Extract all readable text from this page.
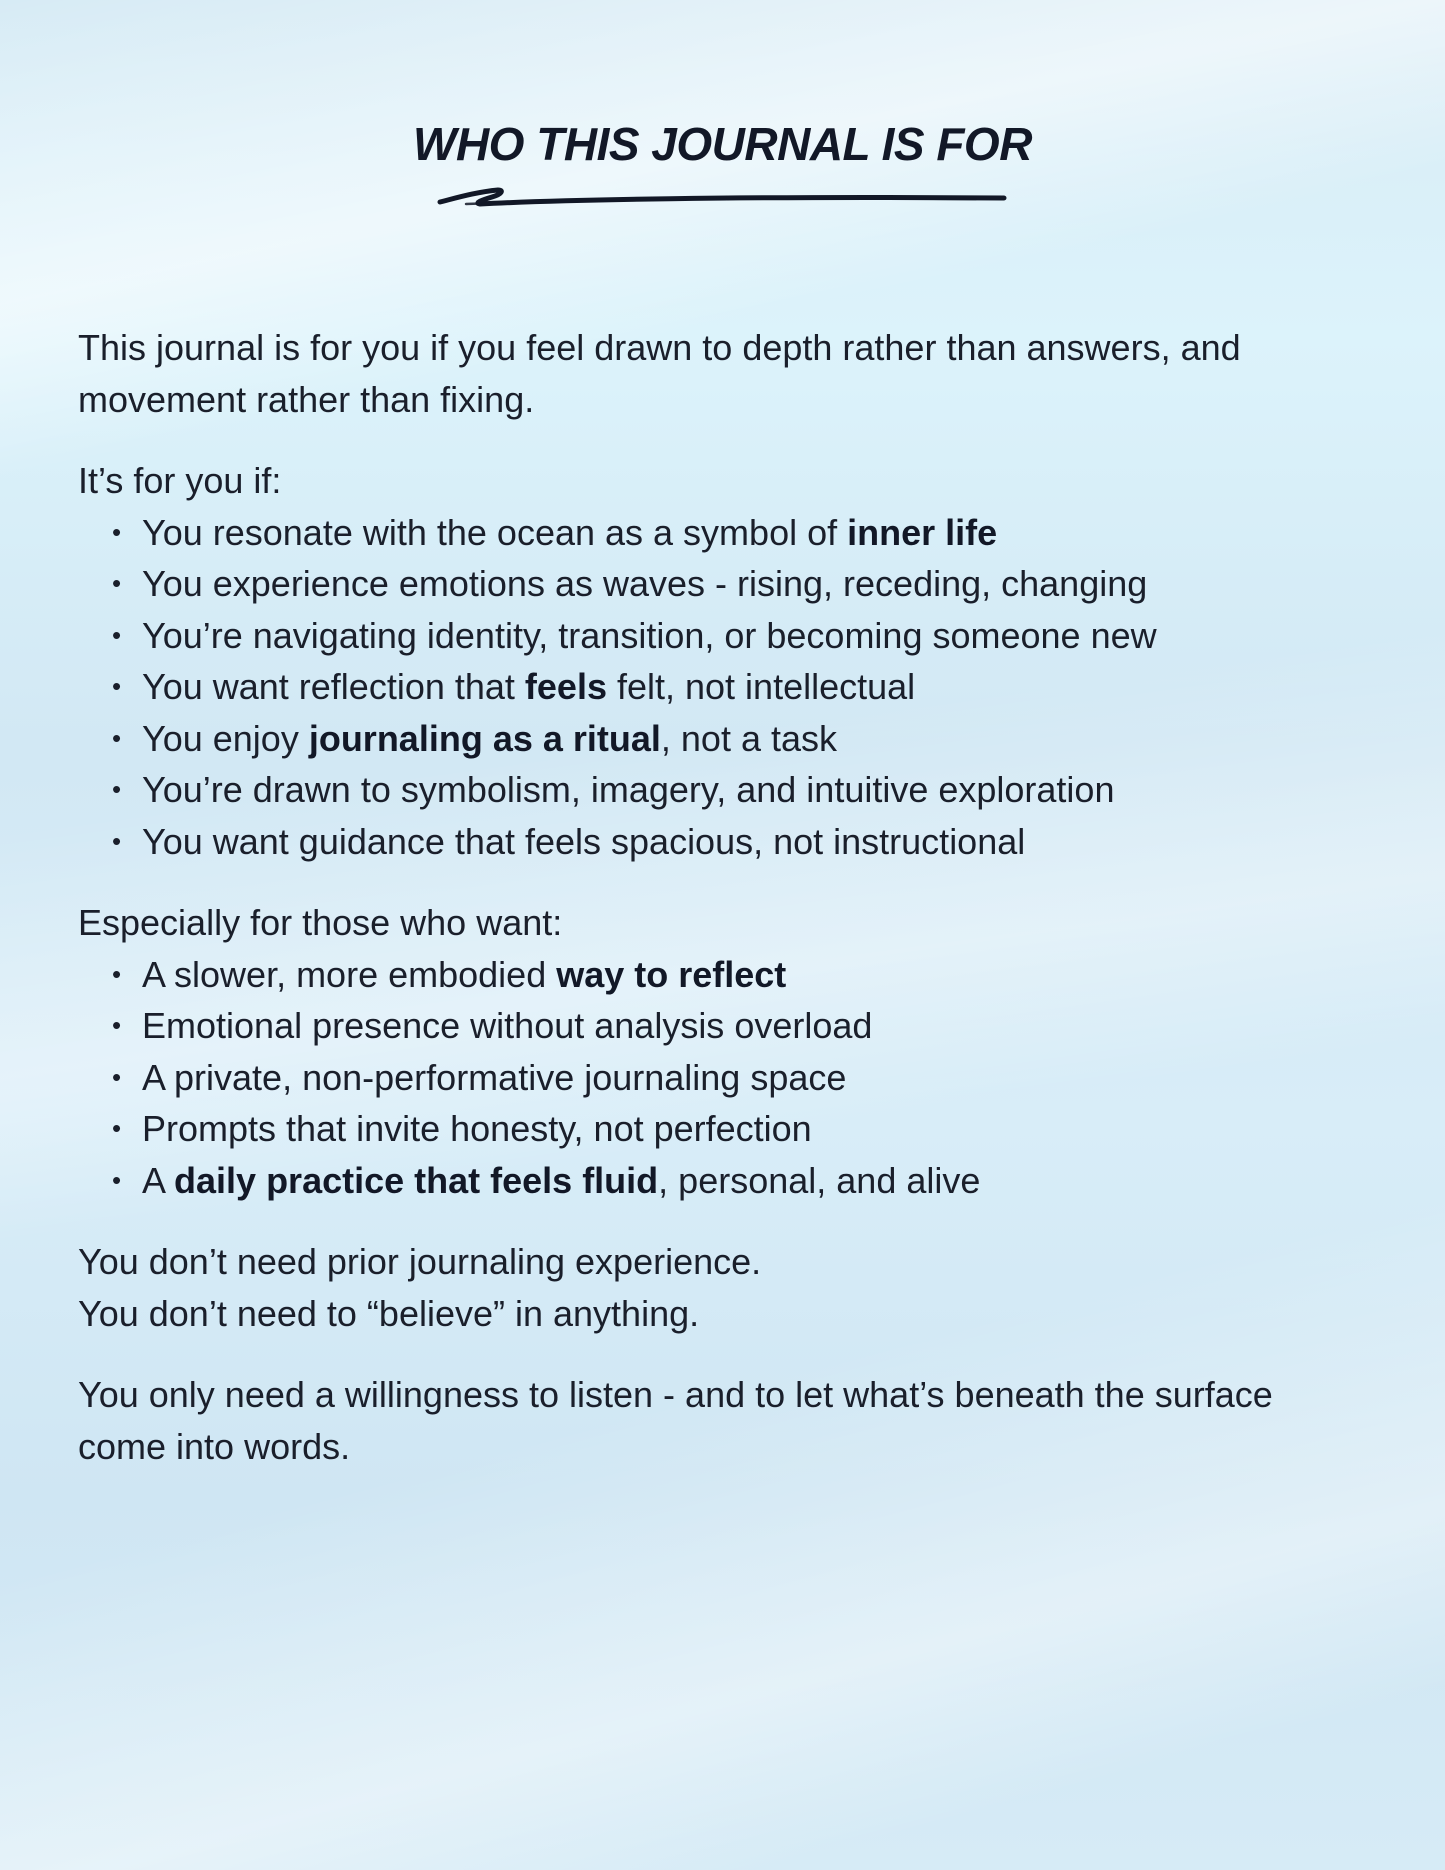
WHO THIS JOURNAL IS FOR

This journal is for you if you feel drawn to depth rather than answers, and movement rather than fixing.

It’s for you if:

• You resonate with the ocean as a symbol of inner life
• You experience emotions as waves - rising, receding, changing
• You’re navigating identity, transition, or becoming someone new
• You want reflection that feels felt, not intellectual
• You enjoy journaling as a ritual, not a task
• You’re drawn to symbolism, imagery, and intuitive exploration
• You want guidance that feels spacious, not instructional

Especially for those who want:

• A slower, more embodied way to reflect
• Emotional presence without analysis overload
• A private, non-performative journaling space
• Prompts that invite honesty, not perfection
• A daily practice that feels fluid, personal, and alive

You don’t need prior journaling experience.

You don’t need to “believe” in anything.

You only need a willingness to listen - and to let what’s beneath the surface come into words.
